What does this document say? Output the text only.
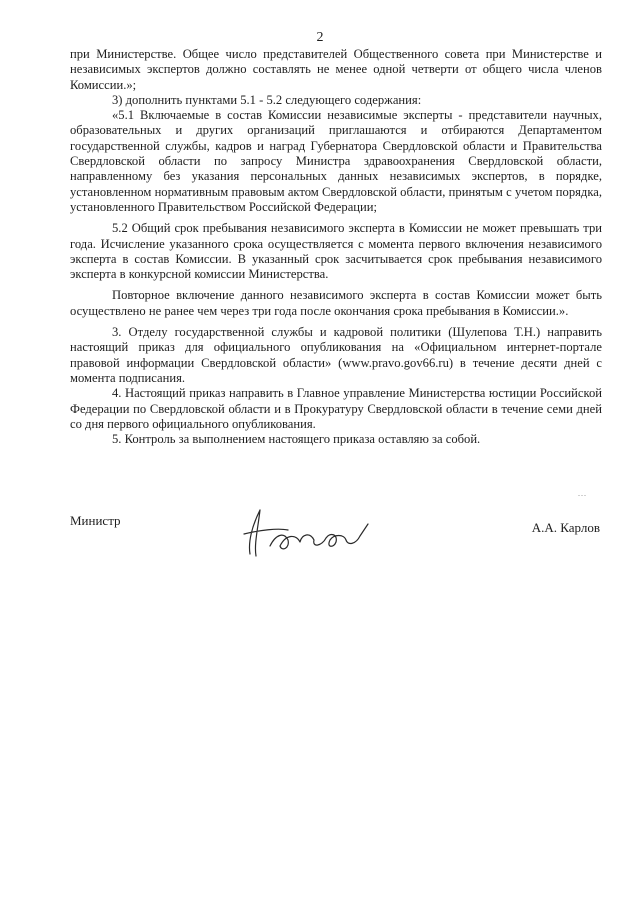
2

при Министерстве. Общее число представителей Общественного совета при Министерстве и независимых экспертов должно составлять не менее одной четверти от общего числа членов Комиссии.»;

3) дополнить пунктами 5.1 - 5.2 следующего содержания:

«5.1 Включаемые в состав Комиссии независимые эксперты - представители научных, образовательных и других организаций приглашаются и отбираются Департаментом государственной службы, кадров и наград Губернатора Свердловской области и Правительства Свердловской области по запросу Министра здравоохранения Свердловской области, направленному без указания персональных данных независимых экспертов, в порядке, установленном нормативным правовым актом Свердловской области, принятым с учетом порядка, установленного Правительством Российской Федерации;

5.2 Общий срок пребывания независимого эксперта в Комиссии не может превышать три года. Исчисление указанного срока осуществляется с момента первого включения независимого эксперта в состав Комиссии. В указанный срок засчитывается срок пребывания независимого эксперта в конкурсной комиссии Министерства.

Повторное включение данного независимого эксперта в состав Комиссии может быть осуществлено не ранее чем через три года после окончания срока пребывания в Комиссии.».

3. Отделу государственной службы и кадровой политики (Шулепова Т.Н.) направить настоящий приказ для официального опубликования на «Официальном интернет-портале правовой информации Свердловской области» (www.pravo.gov66.ru) в течение десяти дней с момента подписания.

4. Настоящий приказ направить в Главное управление Министерства юстиции Российской Федерации по Свердловской области и в Прокуратуру Свердловской области в течение семи дней со дня первого официального опубликования.

5. Контроль за выполнением настоящего приказа оставляю за собой.

...
Министр	А.А. Карлов
